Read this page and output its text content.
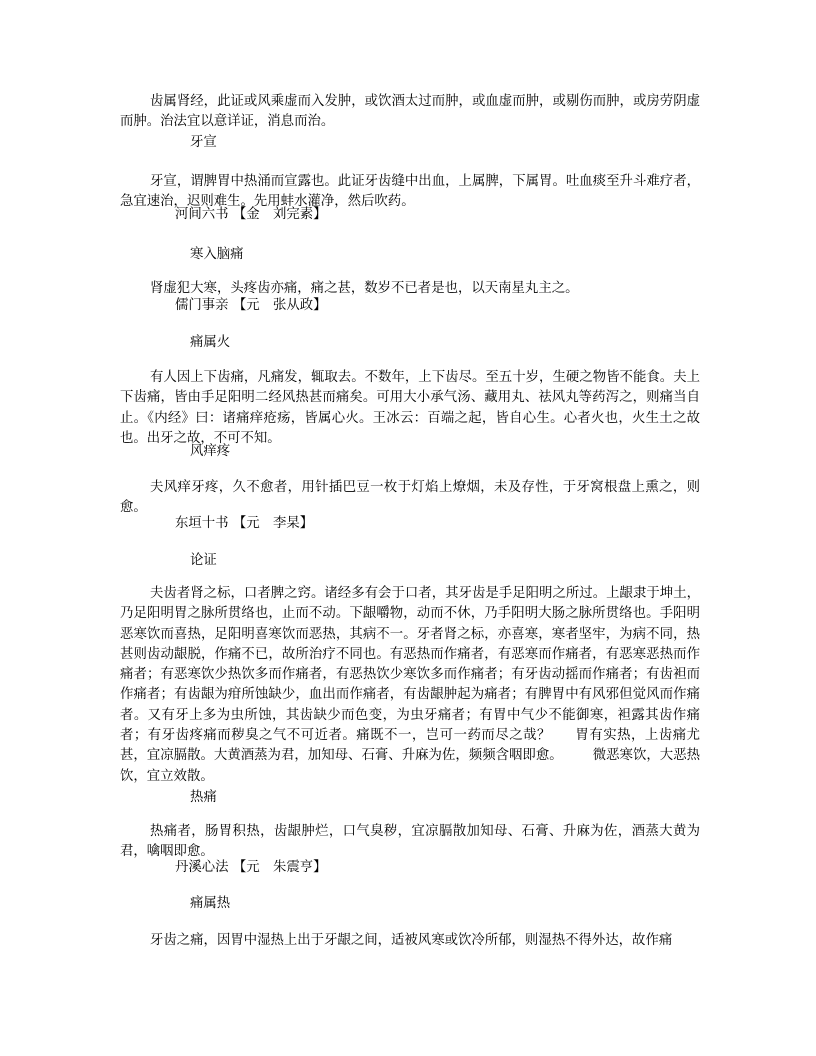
齿属肾经，此证或风乘虚而入发肿，或饮酒太过而肿，或血虚而肿，或剔伤而肿，或房劳阴虚而肿。治法宜以意详证，消息而治。

牙宣

牙宣，谓脾胃中热涌而宣露也。此证牙齿缝中出血，上属脾，下属胃。吐血痰至升斗难疗者，急宜速治，迟则难生。先用蚌水灌净，然后吹药。

河间六书 【金　刘完素】
寒入脑痛

肾虚犯大寒，头疼齿亦痛，痛之甚，数岁不已者是也，以天南星丸主之。

儒门事亲 【元　张从政】
痛属火

有人因上下齿痛，凡痛发，辄取去。不数年，上下齿尽。至五十岁，生硬之物皆不能食。夫上下齿痛，皆由手足阳明二经风热甚而痛矣。可用大小承气汤、藏用丸、祛风丸等药泻之，则痛当自止。《内经》曰：诸痛痒疮疡，皆属心火。王冰云：百端之起，皆自心生。心者火也，火生土之故也。出牙之故，不可不知。

风痒疼

夫风痒牙疼，久不愈者，用针插巴豆一枚于灯焰上燎烟，未及存性，于牙窝根盘上熏之，则愈。

东垣十书 【元　李杲】
论证

夫齿者肾之标，口者脾之窍。诸经多有会于口者，其牙齿是手足阳明之所过。上龈隶于坤土，乃足阳明胃之脉所贯络也，止而不动。下龈嚼物，动而不休，乃手阳明大肠之脉所贯络也。手阳明恶寒饮而喜热，足阳明喜寒饮而恶热，其病不一。牙者肾之标，亦喜寒，寒者坚牢，为病不同，热甚则齿动龈脱，作痛不已，故所治疗不同也。有恶热而作痛者，有恶寒而作痛者，有恶寒恶热而作痛者；有恶寒饮少热饮多而作痛者，有恶热饮少寒饮多而作痛者；有牙齿动摇而作痛者；有齿袒而作痛者；有齿龈为疳所蚀缺少，血出而作痛者，有齿龈肿起为痛者；有脾胃中有风邪但觉风而作痛者。又有牙上多为虫所蚀，其齿缺少而色变，为虫牙痛者；有胃中气少不能御寒，袒露其齿作痛者；有牙齿疼痛而秽臭之气不可近者。痛既不一，岂可一药而尽之哉？ 胃有实热，上齿痛尤甚，宜凉膈散。大黄酒蒸为君，加知母、石膏、升麻为佐，频频含咽即愈。 微恶寒饮，大恶热饮，宜立效散。

热痛

热痛者，肠胃积热，齿龈肿烂，口气臭秽，宜凉膈散加知母、石膏、升麻为佐，酒蒸大黄为君，噙咽即愈。

丹溪心法 【元　朱震亨】
痛属热

牙齿之痛，因胃中湿热上出于牙龈之间，适被风寒或饮冷所郁，则湿热不得外达，故作痛
